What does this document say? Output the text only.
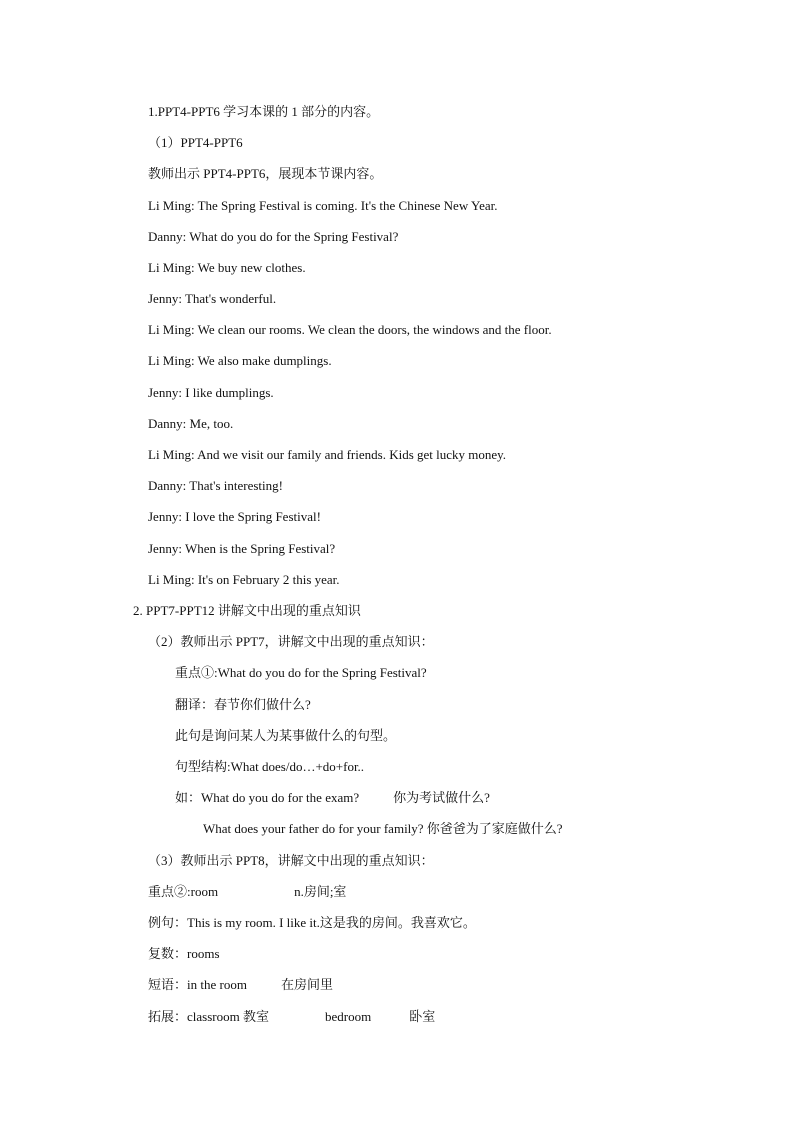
1.PPT4-PPT6 学习本课的 1 部分的内容。
（1）PPT4-PPT6
教师出示 PPT4-PPT6，展现本节课内容。
Li Ming: The Spring Festival is coming. It's the Chinese New Year.
Danny: What do you do for the Spring Festival?
Li Ming: We buy new clothes.
Jenny: That's wonderful.
Li Ming: We clean our rooms. We clean the doors, the windows and the floor.
Li Ming: We also make dumplings.
Jenny: I like dumplings.
Danny: Me, too.
Li Ming: And we visit our family and friends. Kids get lucky money.
Danny: That's interesting!
Jenny: I love the Spring Festival!
Jenny: When is the Spring Festival?
Li Ming: It's on February 2 this year.
2. PPT7-PPT12 讲解文中出现的重点知识
（2）教师出示 PPT7，讲解文中出现的重点知识：
重点①:What do you do for the Spring Festival?
翻译：春节你们做什么?
此句是询问某人为某事做什么的句型。
句型结构:What does/do…+do+for..
如：What do you do for the exam?	你为考试做什么?
What does your father do for your family? 你爸爸为了家庭做什么?
（3）教师出示 PPT8，讲解文中出现的重点知识：
重点②:room	n.房间;室
例句：This is my room. I like it.这是我的房间。我喜欢它。
复数：rooms
短语：in the room	在房间里
拓展：classroom 教室	bedroom	卧室
